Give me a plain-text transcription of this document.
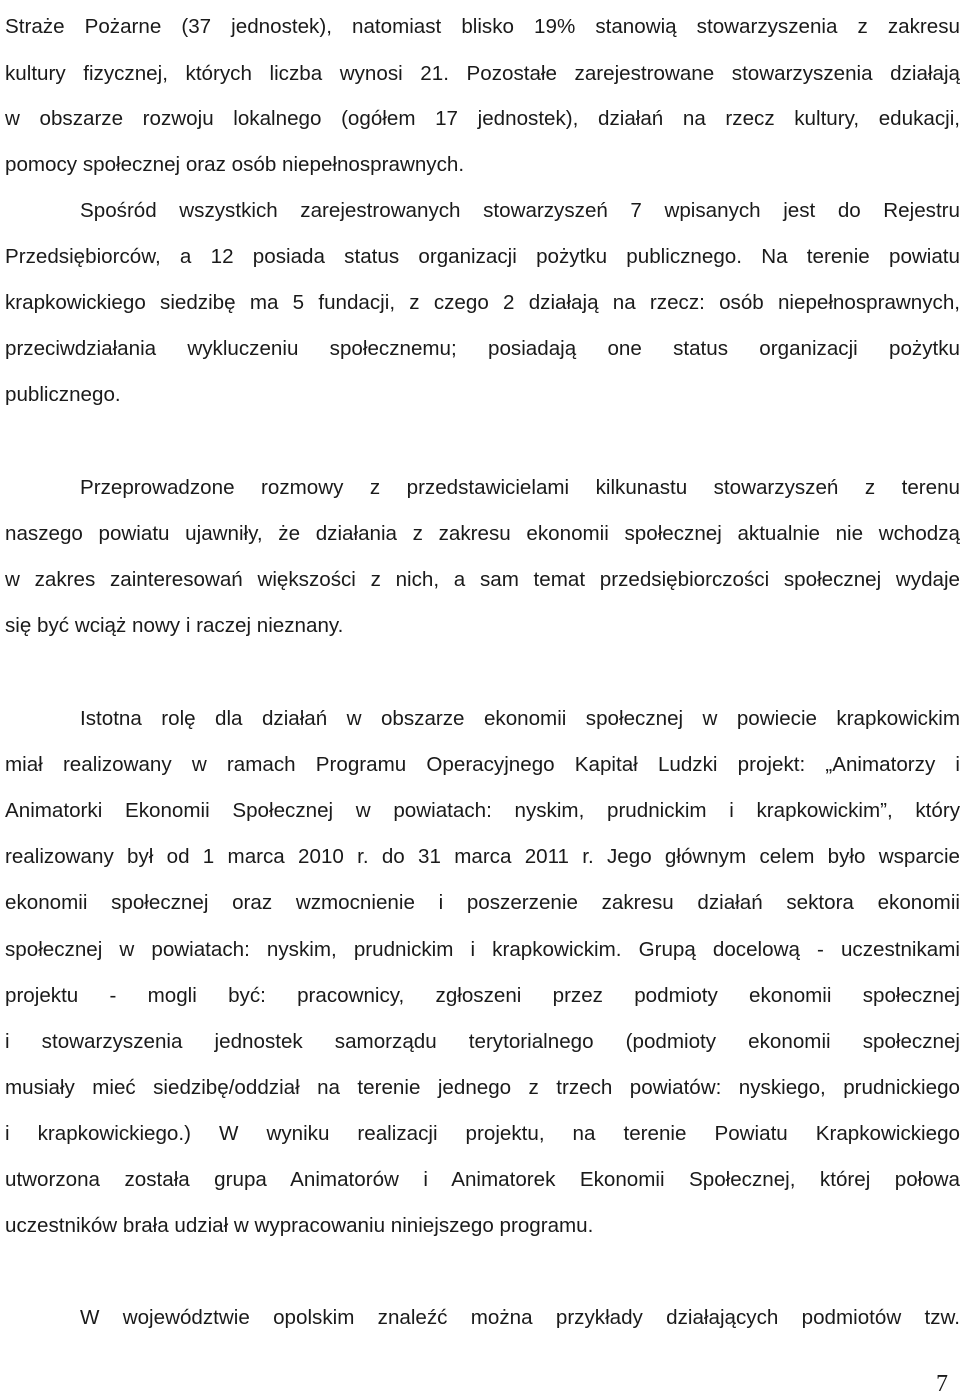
Straże Pożarne (37 jednostek), natomiast blisko 19% stanowią stowarzyszenia z zakresu

kultury fizycznej, których liczba wynosi 21. Pozostałe zarejestrowane stowarzyszenia działają

w obszarze rozwoju lokalnego (ogółem 17 jednostek), działań na rzecz kultury, edukacji,

pomocy społecznej oraz osób niepełnosprawnych.

Spośród wszystkich zarejestrowanych stowarzyszeń 7 wpisanych jest do Rejestru

Przedsiębiorców, a 12 posiada status organizacji pożytku publicznego. Na terenie powiatu

krapkowickiego siedzibę ma 5 fundacji, z czego 2 działają na rzecz: osób niepełnosprawnych,

przeciwdziałania wykluczeniu społecznemu; posiadają one status organizacji pożytku

publicznego.

Przeprowadzone rozmowy z przedstawicielami kilkunastu stowarzyszeń z terenu

naszego powiatu ujawniły, że działania z zakresu ekonomii społecznej aktualnie nie wchodzą

w zakres zainteresowań większości z nich, a sam temat przedsiębiorczości społecznej wydaje

się być wciąż nowy i raczej nieznany.

Istotna rolę dla działań w obszarze ekonomii społecznej w powiecie krapkowickim

miał realizowany w ramach Programu Operacyjnego Kapitał Ludzki projekt: „Animatorzy i

Animatorki Ekonomii Społecznej w powiatach: nyskim, prudnickim i krapkowickim”, który

realizowany był od 1 marca 2010 r. do 31 marca 2011 r. Jego głównym celem było wsparcie

ekonomii społecznej oraz wzmocnienie i poszerzenie zakresu działań sektora ekonomii

społecznej w powiatach: nyskim, prudnickim i krapkowickim. Grupą docelową - uczestnikami

projektu - mogli być: pracownicy, zgłoszeni przez podmioty ekonomii społecznej

i stowarzyszenia jednostek samorządu terytorialnego (podmioty ekonomii społecznej

musiały mieć siedzibę/oddział na terenie jednego z trzech powiatów: nyskiego, prudnickiego

i krapkowickiego.) W wyniku realizacji projektu, na terenie Powiatu Krapkowickiego

utworzona została grupa Animatorów i Animatorek Ekonomii Społecznej, której połowa

uczestników brała udział w wypracowaniu niniejszego programu.

W województwie opolskim znaleźć można przykłady działających podmiotów tzw.

7
